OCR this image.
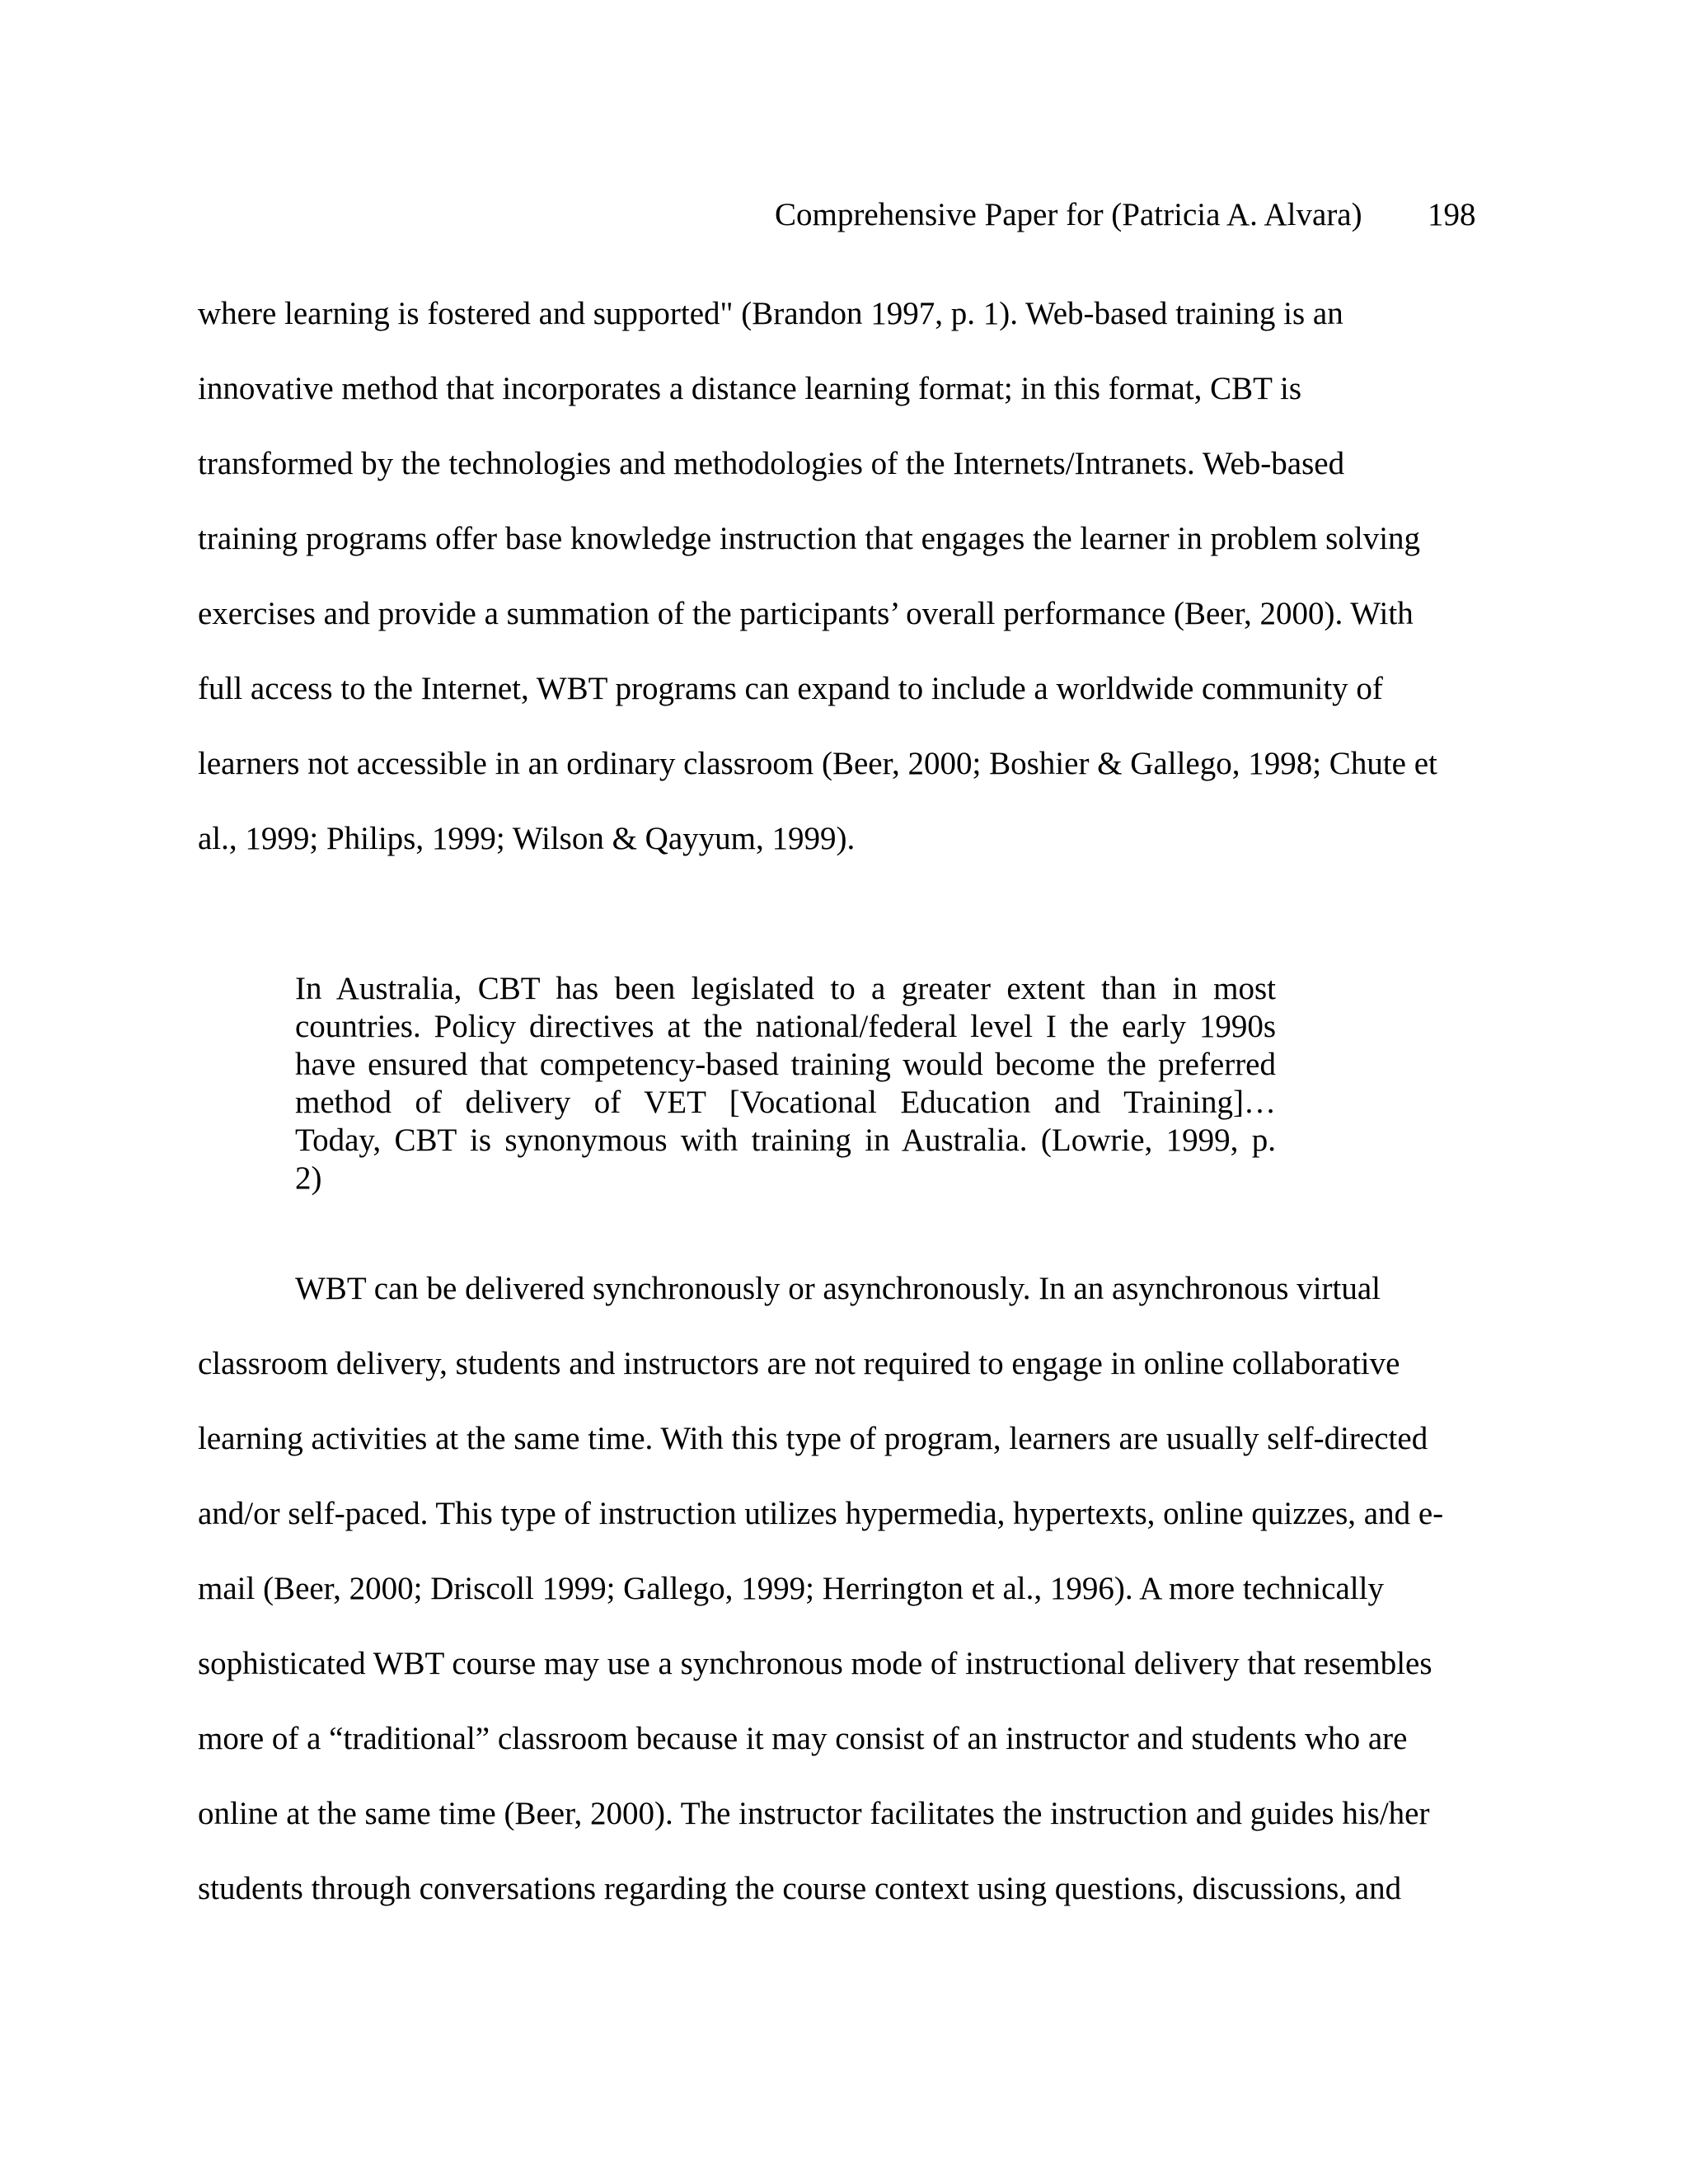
Comprehensive Paper for (Patricia A. Alvara) 198
where learning is fostered and supported" (Brandon 1997, p. 1). Web-based training is an
innovative method that incorporates a distance learning format; in this format, CBT is
transformed by the technologies and methodologies of the Internets/Intranets. Web-based
training programs offer base knowledge instruction that engages the learner in problem solving
exercises and provide a summation of the participants’ overall performance (Beer, 2000). With
full access to the Internet, WBT programs can expand to include a worldwide community of
learners not accessible in an ordinary classroom (Beer, 2000; Boshier & Gallego, 1998; Chute et
al., 1999; Philips, 1999; Wilson & Qayyum, 1999).
In Australia, CBT has been legislated to a greater extent than in most
countries. Policy directives at the national/federal level I the early 1990s
have ensured that competency-based training would become the preferred
method of delivery of VET [Vocational Education and Training]…
Today, CBT is synonymous with training in Australia. (Lowrie, 1999, p.
2)
WBT can be delivered synchronously or asynchronously. In an asynchronous virtual
classroom delivery, students and instructors are not required to engage in online collaborative
learning activities at the same time. With this type of program, learners are usually self-directed
and/or self-paced. This type of instruction utilizes hypermedia, hypertexts, online quizzes, and e-
mail (Beer, 2000; Driscoll 1999; Gallego, 1999; Herrington et al., 1996). A more technically
sophisticated WBT course may use a synchronous mode of instructional delivery that resembles
more of a “traditional” classroom because it may consist of an instructor and students who are
online at the same time (Beer, 2000). The instructor facilitates the instruction and guides his/her
students through conversations regarding the course context using questions, discussions, and
